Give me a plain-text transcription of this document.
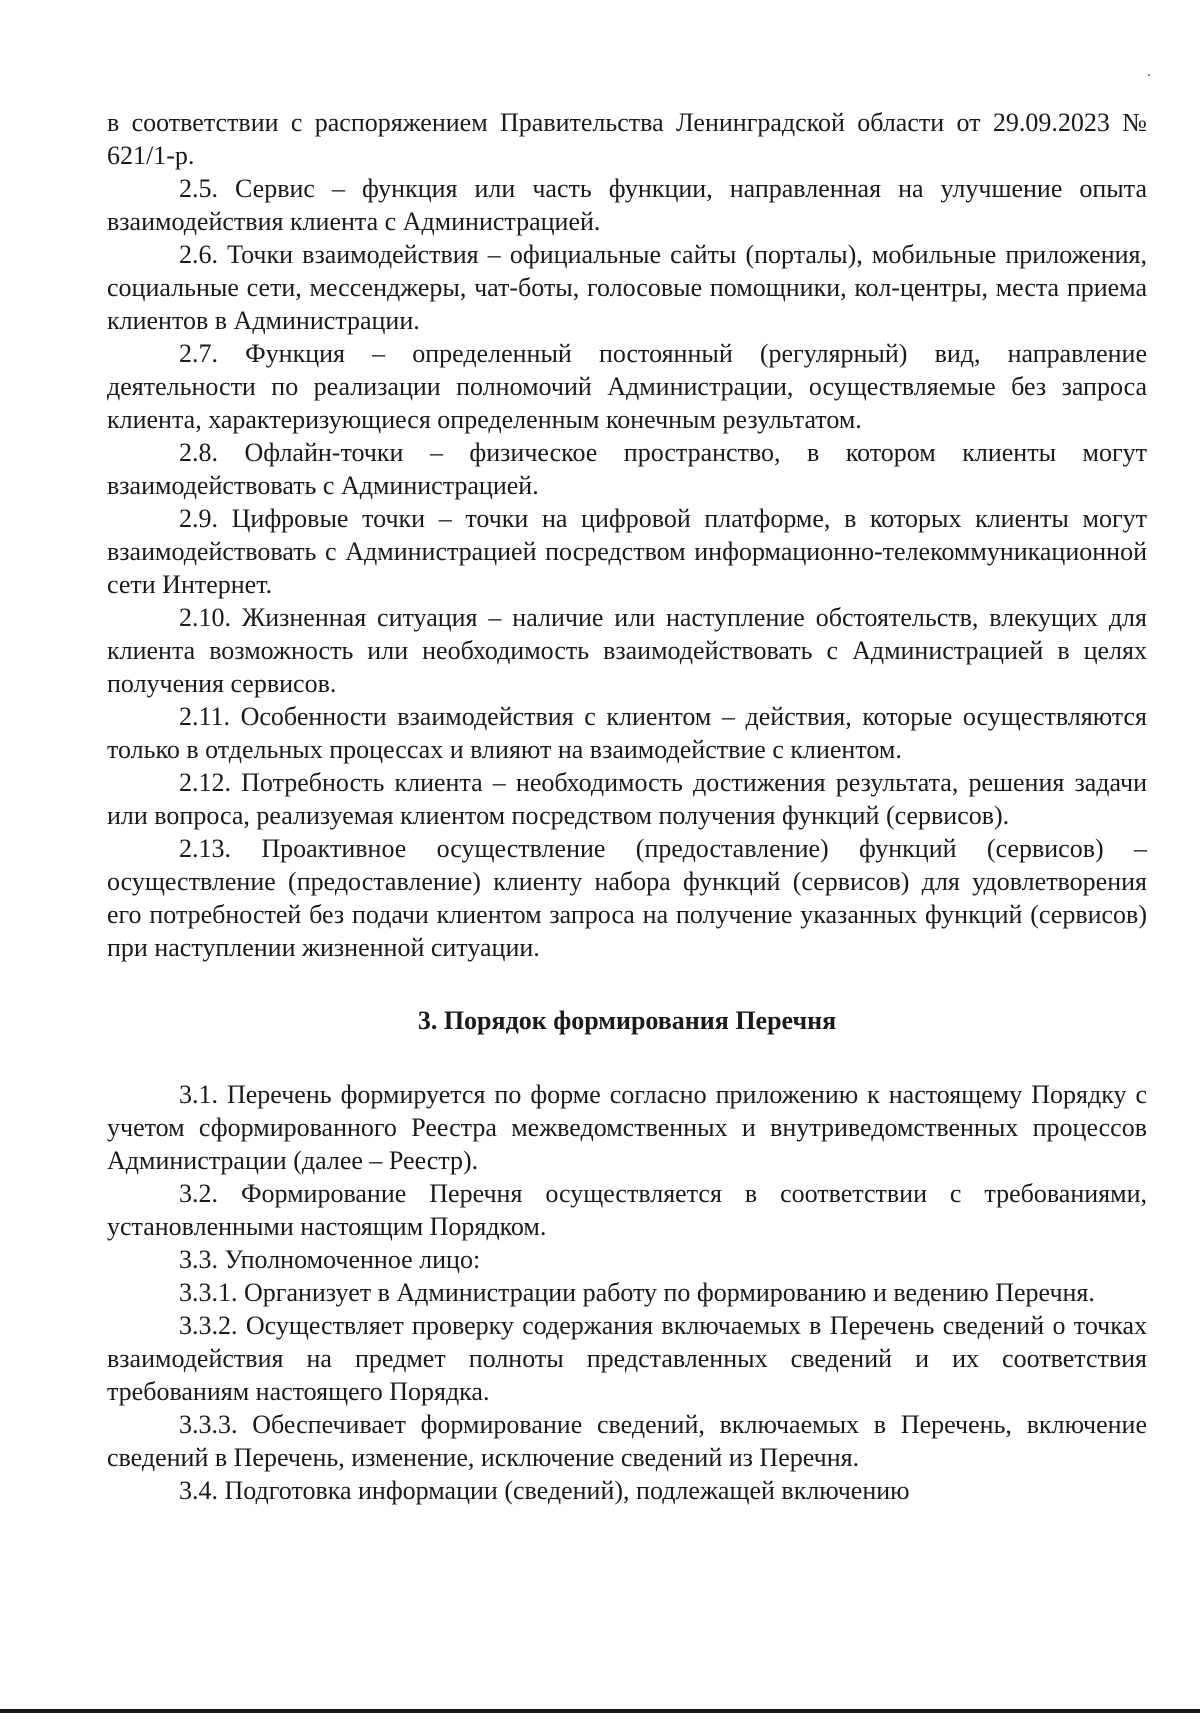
в соответствии с распоряжением Правительства Ленинградской области от 29.09.2023 № 621/1-р.

2.5. Сервис – функция или часть функции, направленная на улучшение опыта взаимодействия клиента с Администрацией.

2.6. Точки взаимодействия – официальные сайты (порталы), мобильные приложения, социальные сети, мессенджеры, чат-боты, голосовые помощники, кол-центры, места приема клиентов в Администрации.

2.7. Функция – определенный постоянный (регулярный) вид, направление деятельности по реализации полномочий Администрации, осуществляемые без запроса клиента, характеризующиеся определенным конечным результатом.

2.8. Офлайн-точки – физическое пространство, в котором клиенты могут взаимодействовать с Администрацией.

2.9. Цифровые точки – точки на цифровой платформе, в которых клиенты могут взаимодействовать с Администрацией посредством информационно-телекоммуникационной сети Интернет.

2.10. Жизненная ситуация – наличие или наступление обстоятельств, влекущих для клиента возможность или необходимость взаимодействовать с Администрацией в целях получения сервисов.

2.11. Особенности взаимодействия с клиентом – действия, которые осуществляются только в отдельных процессах и влияют на взаимодействие с клиентом.

2.12. Потребность клиента – необходимость достижения результата, решения задачи или вопроса, реализуемая клиентом посредством получения функций (сервисов).

2.13. Проактивное осуществление (предоставление) функций (сервисов) – осуществление (предоставление) клиенту набора функций (сервисов) для удовлетворения его потребностей без подачи клиентом запроса на получение указанных функций (сервисов) при наступлении жизненной ситуации.

3. Порядок формирования Перечня

3.1. Перечень формируется по форме согласно приложению к настоящему Порядку с учетом сформированного Реестра межведомственных и внутриведомственных процессов Администрации (далее – Реестр).

3.2. Формирование Перечня осуществляется в соответствии с требованиями, установленными настоящим Порядком.

3.3. Уполномоченное лицо:

3.3.1. Организует в Администрации работу по формированию и ведению Перечня.

3.3.2. Осуществляет проверку содержания включаемых в Перечень сведений о точках взаимодействия на предмет полноты представленных сведений и их соответствия требованиям настоящего Порядка.

3.3.3. Обеспечивает формирование сведений, включаемых в Перечень, включение сведений в Перечень, изменение, исключение сведений из Перечня.

3.4. Подготовка информации (сведений), подлежащей включению
